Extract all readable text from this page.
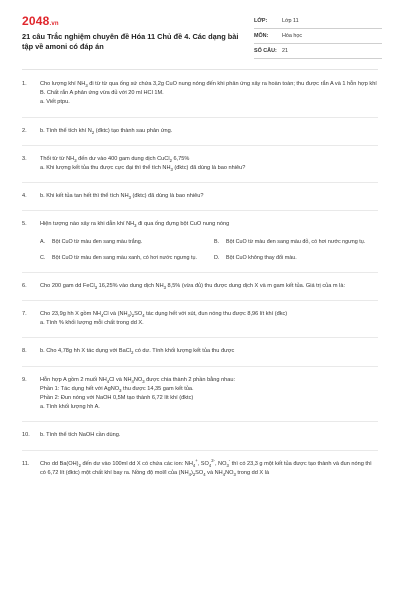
2048.vn
21 câu Trắc nghiệm chuyên đề Hóa 11 Chủ đề 4. Các dạng bài tập về amoni có đáp án
LỚP:	Lớp 11
MÔN:	Hóa học
SỐ CÂU: 21
1.	Cho lượng khí $NH_3$ đi từ từ qua ống sứ chứa 3,2g CuO nung nóng đến khi phản ứng xảy ra hoàn toàn; thu được rắn A và 1 hỗn hợp khí B. Chất rắn A phản ứng vừa đủ với 20 ml HCl 1M.

a. Viết ptpu.

2.	b. Tính thể tích khí $N_2$ (đktc) tạo thành sau phản ứng.

3.	Thổi từ từ $NH_3$ đến dư vào 400 gam dung dịch CuCl$_2$ 6,75%

a. Khi lượng kết tủa thu được cực đại thì thể tích $NH_3$ (đktc) đã dùng là bao nhiêu?

4.	b. Khi kết tủa tan hết thì thể tích $NH_3$ (đktc) đã dùng là bao nhiêu?

5.	Hiện tượng nào xảy ra khi dẫn khí $NH_3$ đi qua ống đựng bột CuO nung nóng

A.	Bột CuO từ màu đen sang màu trắng.	B.	Bột CuO từ màu đen sang màu đỏ, có hơi nước ngưng tụ.
C.	Bột CuO từ màu đen sang màu xanh, có hơi nước ngưng tụ.	D.	Bột CuO không thay đổi màu.
6.	Cho 200 gam dd FeCl$_3$ 16,25% vào dung dịch $NH_3$ 8,5% (vừa đủ) thu được dung dịch X và m gam kết tủa. Giá trị của m là:

7.	Cho 23,9g hh X gồm $NH_4Cl$ và $(NH_4)_2SO_4$ tác dụng hết với xút, đun nóng thu được 8,96 lít khí (đkc)

a. Tính % khối lượng mỗi chất trong dd X.

8.	b. Cho 4,78g hh X tác dụng với BaCl$_2$ có dư. Tính khối lượng kết tủa thu được

9.	Hỗn hợp A gồm 2 muối $NH_4Cl$ và $NH_4NO_3$ được chia thành 2 phần bằng nhau:

Phần 1: Tác dụng hết với AgNO$_3$ thu được 14,35 gam kết tủa.

Phần 2: Đun nóng với NaOH 0,5M tạo thành 6,72 lít khí (đktc)

a. Tính khối lượng hh A.

10.	b. Tính thể tích NaOH cần dùng.

11.	Cho dd $Ba(OH)_2$ đến dư vào 100ml dd X có chứa các ion: $NH_4^+$, $SO_4^{2-}$, $NO_3^-$ thì có 23,3 g một kết tủa được tạo thành và đun nóng thì có 6,72 lít (đktc) một chất khí bay ra. Nồng độ mol/l của $(NH_4)_2SO_4$ và $NH_4NO_3$ trong dd X là
